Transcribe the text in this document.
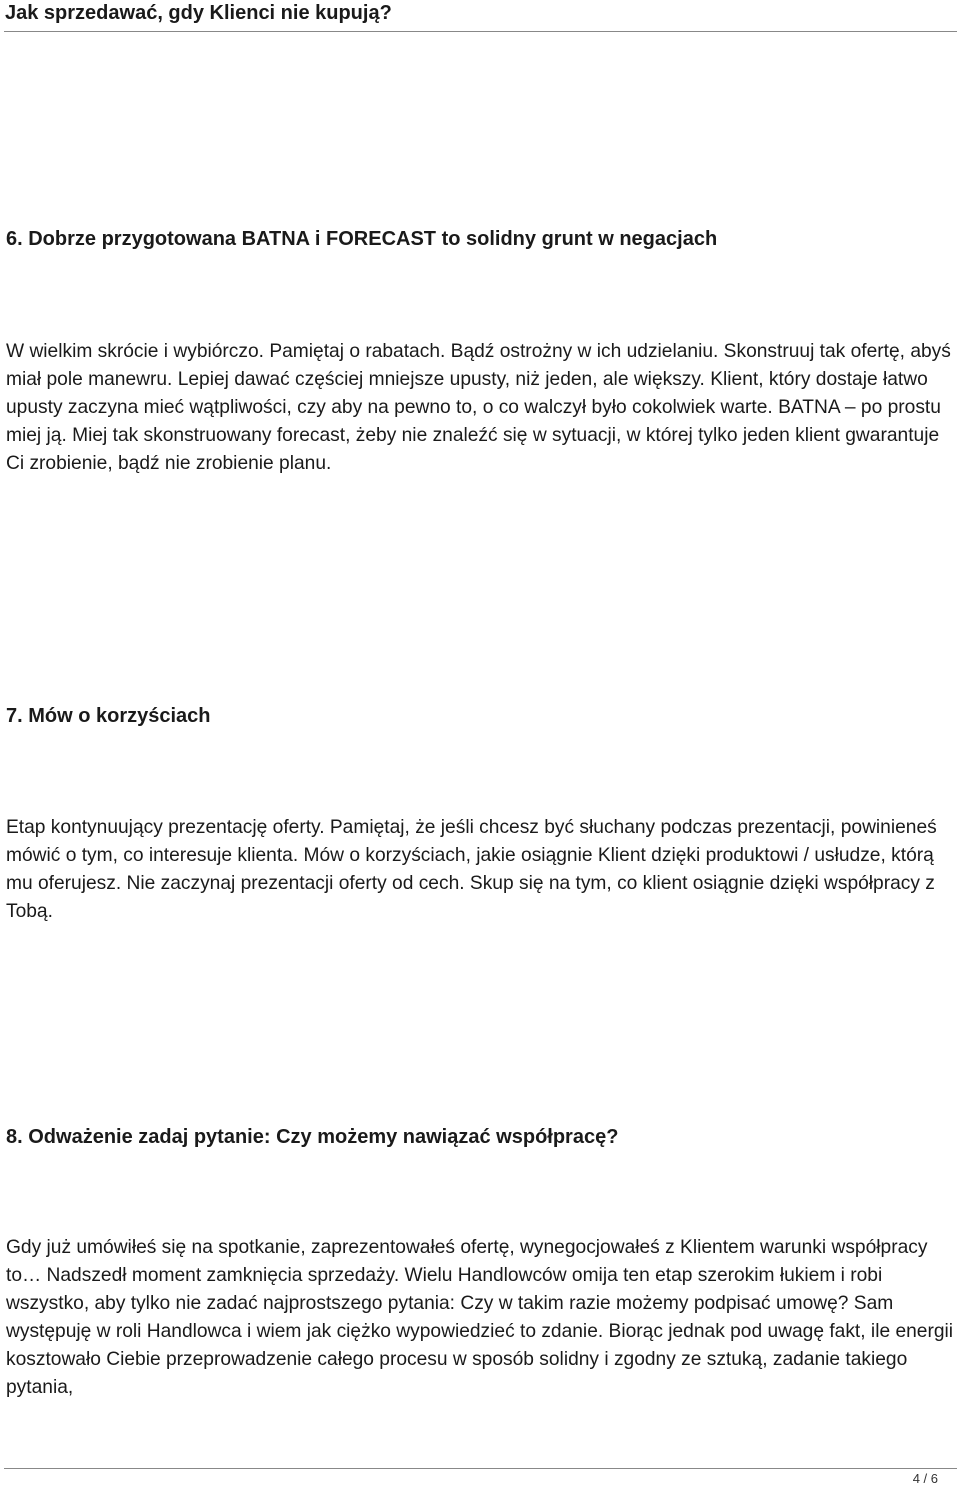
Jak sprzedawać, gdy Klienci nie kupują?
6. Dobrze przygotowana BATNA i FORECAST to solidny grunt w negacjach

W wielkim skrócie i wybiórczo. Pamiętaj o rabatach. Bądź ostrożny w ich udzielaniu. Skonstruuj tak ofertę, abyś miał pole manewru. Lepiej dawać częściej mniejsze upusty, niż jeden, ale większy. Klient, który dostaje łatwo upusty zaczyna mieć wątpliwości, czy aby na pewno to, o co walczył było cokolwiek warte. BATNA – po prostu miej ją. Miej tak skonstruowany forecast, żeby nie znaleźć się w sytuacji, w której tylko jeden klient gwarantuje Ci zrobienie, bądź nie zrobienie planu.

7. Mów o korzyściach

Etap kontynuujący prezentację oferty. Pamiętaj, że jeśli chcesz być słuchany podczas prezentacji, powinieneś mówić o tym, co interesuje klienta. Mów o korzyściach, jakie osiągnie Klient dzięki produktowi / usłudze, którą mu oferujesz. Nie zaczynaj prezentacji oferty od cech. Skup się na tym, co klient osiągnie dzięki współpracy z Tobą.

8. Odważenie zadaj pytanie: Czy możemy nawiązać współpracę?

Gdy już umówiłeś się na spotkanie, zaprezentowałeś ofertę, wynegocjowałeś z Klientem warunki współpracy to… Nadszedł moment zamknięcia sprzedaży. Wielu Handlowców omija ten etap szerokim łukiem i robi wszystko, aby tylko nie zadać najprostszego pytania: Czy w takim razie możemy podpisać umowę? Sam występuję w roli Handlowca i wiem jak ciężko wypowiedzieć to zdanie. Biorąc jednak pod uwagę fakt, ile energii kosztowało Ciebie przeprowadzenie całego procesu w sposób solidny i zgodny ze sztuką, zadanie takiego pytania,

4 / 6
